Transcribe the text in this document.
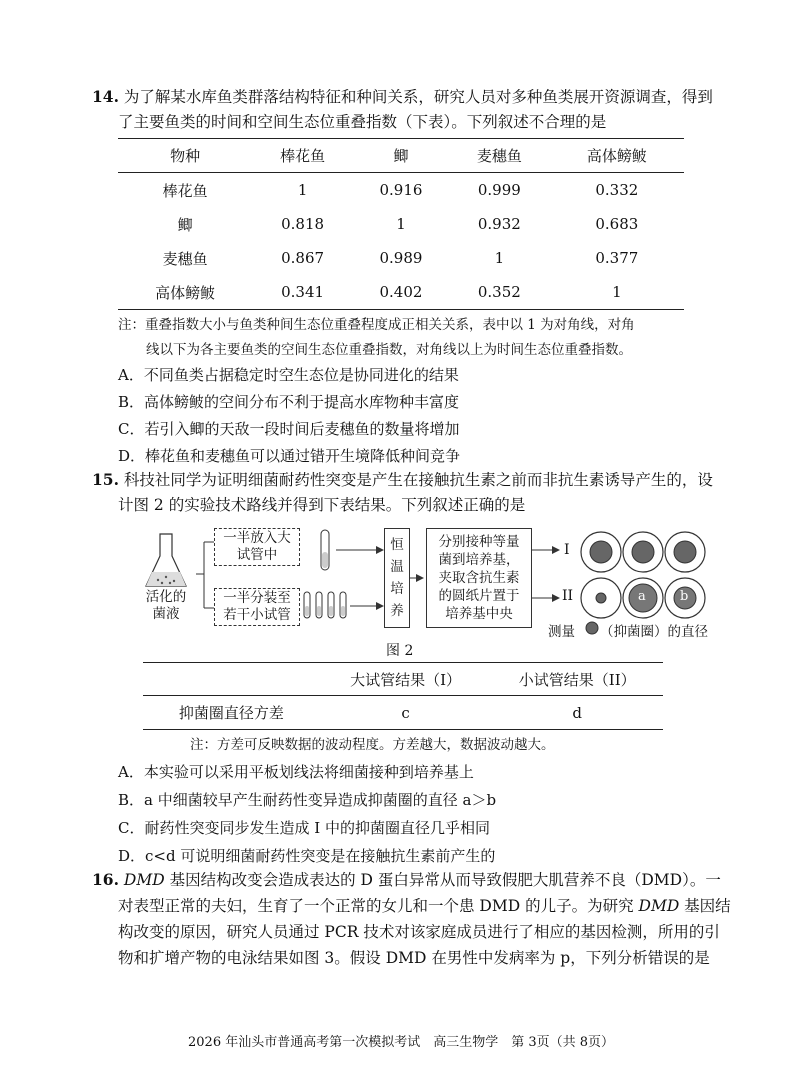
14. 为了解某水库鱼类群落结构特征和种间关系，研究人员对多种鱼类展开资源调查，得到
了主要鱼类的时间和空间生态位重叠指数（下表）。下列叙述不合理的是
物种	棒花鱼	鲫	麦穗鱼	高体鳑鲏
棒花鱼	1	0.916	0.999	0.332
鲫	0.818	1	0.932	0.683
麦穗鱼	0.867	0.989	1	0.377
高体鳑鲏	0.341	0.402	0.352	1
注：重叠指数大小与鱼类种间生态位重叠程度成正相关关系，表中以 1 为对角线，对角
线以下为各主要鱼类的空间生态位重叠指数，对角线以上为时间生态位重叠指数。
A．不同鱼类占据稳定时空生态位是协同进化的结果
B．高体鳑鲏的空间分布不利于提高水库物种丰富度
C．若引入鲫的天敌一段时间后麦穗鱼的数量将增加
D．棒花鱼和麦穗鱼可以通过错开生境降低种间竞争
15. 科技社同学为证明细菌耐药性突变是产生在接触抗生素之前而非抗生素诱导产生的，设
计图 2 的实验技术路线并得到下表结果。下列叙述正确的是
活化的
菌液
一半放入大
试管中
一半分装至
若干小试管
恒
温
培
养
分别接种等量
菌到培养基，
夹取含抗生素
的圆纸片置于
培养基中央
I
II	a	b
测量 （抑菌圈）的直径
图 2
	大试管结果（I）	小试管结果（II）
抑菌圈直径方差	c	d
注：方差可反映数据的波动程度。方差越大，数据波动越大。
A．本实验可以采用平板划线法将细菌接种到培养基上
B．a 中细菌较早产生耐药性变异造成抑菌圈的直径 a＞b
C．耐药性突变同步发生造成 I 中的抑菌圈直径几乎相同
D．c<d 可说明细菌耐药性突变是在接触抗生素前产生的
16. DMD 基因结构改变会造成表达的 D 蛋白异常从而导致假肥大肌营养不良（DMD）。一
对表型正常的夫妇，生育了一个正常的女儿和一个患 DMD 的儿子。为研究 DMD 基因结
构改变的原因，研究人员通过 PCR 技术对该家庭成员进行了相应的基因检测，所用的引
物和扩增产物的电泳结果如图 3。假设 DMD 在男性中发病率为 p，下列分析错误的是
2026 年汕头市普通高考第一次模拟考试　高三生物学　第 3页（共 8页）
